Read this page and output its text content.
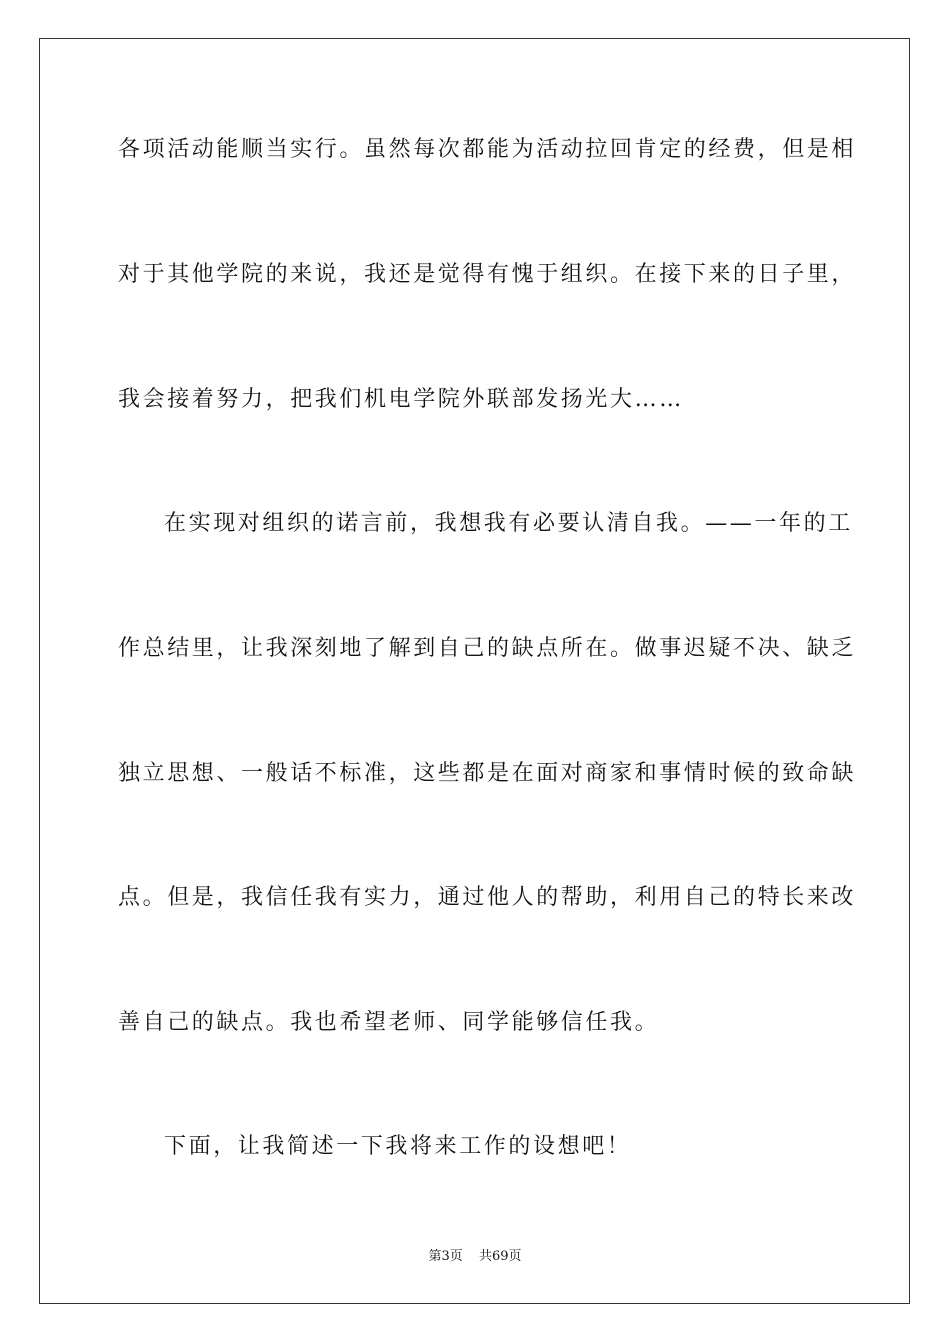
各项活动能顺当实行。虽然每次都能为活动拉回肯定的经费，但是相
对于其他学院的来说，我还是觉得有愧于组织。在接下来的日子里，
我会接着努力，把我们机电学院外联部发扬光大……
在实现对组织的诺言前，我想我有必要认清自我。——一年的工
作总结里，让我深刻地了解到自己的缺点所在。做事迟疑不决、缺乏
独立思想、一般话不标准，这些都是在面对商家和事情时候的致命缺
点。但是，我信任我有实力，通过他人的帮助，利用自己的特长来改
善自己的缺点。我也希望老师、同学能够信任我。
下面，让我简述一下我将来工作的设想吧！
第3页 共69页
